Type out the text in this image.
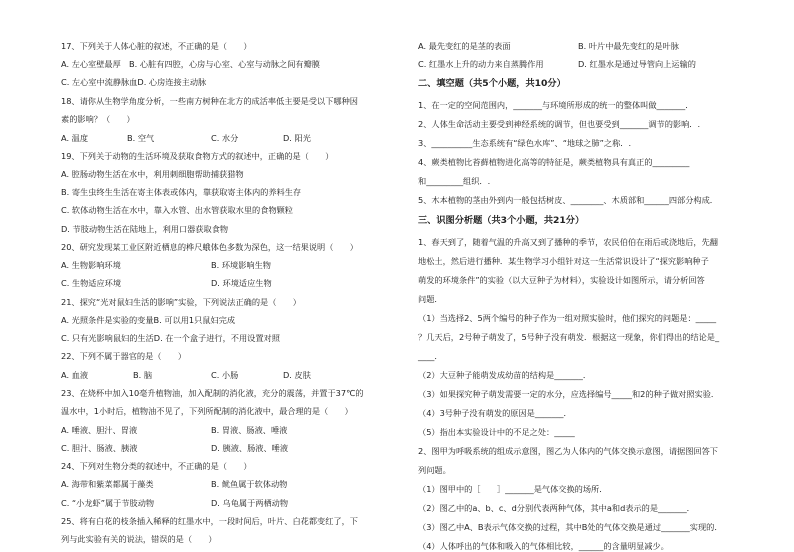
17、下列关于人体心脏的叙述，不正确的是（　　）
A. 左心室壁最厚　 B. 心脏有四腔，心房与心室、心室与动脉之间有瓣膜
C. 左心室中流静脉血D. 心房连接主动脉
18、请你从生物学角度分析，一些南方树种在北方的成活率低主要是受以下哪种因
素的影响？（　　）
A. 温度	B. 空气	C. 水分	D. 阳光
19、下列关于动物的生活环境及获取食物方式的叙述中，正确的是（　　）
A. 腔肠动物生活在水中，利用刺细胞帮助捕获猎物
B. 寄生虫终生生活在寄主体表或体内，靠获取寄主体内的养料生存
C. 软体动物生活在水中，靠入水管、出水管获取水里的食物颗粒
D. 节肢动物生活在陆地上，利用口器获取食物
20、研究发现某工业区附近栖息的桦尺蛾体色多数为深色，这一结果说明（　　）
A. 生物影响环境	B. 环境影响生物
C. 生物适应环境	D. 环境适应生物
21、探究“光对鼠妇生活的影响”实验，下列说法正确的是（　　）
A. 光照条件是实验的变量B. 可以用1只鼠妇完成
C. 只有光影响鼠妇的生活D. 在一个盒子进行，不用设置对照
22、下列不属于器官的是（　　）
A. 血液	B. 脑	C. 小肠	D. 皮肤
23、在烧杯中加入10毫升植物油，加入配制的消化液，充分的震荡，并置于37℃的
温水中，1小时后，植物油不见了，下列所配制的消化液中，最合理的是（　　）
A. 唾液、胆汁、胃液	B. 胃液、肠液、唾液
C. 胆汁、肠液、胰液	D. 胰液、肠液、唾液
24、下列对生物分类的叙述中，不正确的是（　　）
A. 海带和紫菜都属于藻类	B. 鱿鱼属于软体动物
C. “小龙虾”属于节肢动物	D. 乌龟属于两栖动物
25、将有白花的枝条插入稀释的红墨水中，一段时间后，叶片、白花都变红了，下
列与此实验有关的说法，错误的是（　　）
A. 最先变红的是茎的表面	B. 叶片中最先变红的是叶脉
C. 红墨水上升的动力来自蒸腾作用	D. 红墨水是通过导管向上运输的
二、填空题（共5个小题，共10分）
1、在一定的空间范围内，_______与环境所形成的统一的整体叫做_______．
2、人体生命活动主要受到神经系统的调节，但也要受到_______调节的影响．.
3、__________生态系统有“绿色水库”、“地球之肺”之称．.
4、蕨类植物比苔藓植物进化高等的特征是，蕨类植物具有真正的_________
和_________组织．.
5、木本植物的茎由外到内一般包括树皮、________、木质部和______四部分构成．
三、识图分析题（共3个小题，共21分）
1、春天到了，随着气温的升高又到了播种的季节，农民伯伯在雨后或浇地后，先翻
地松土，然后进行播种．某生物学习小组针对这一生活常识设计了“探究影响种子
萌发的环境条件”的实验（以大豆种子为材料），实验设计如图所示，请分析回答
问题．
（1）当选择2、5两个编号的种子作为一组对照实验时，他们探究的问题是：_____
？几天后，2号种子萌发了，5号种子没有萌发．根据这一现象，你们得出的结论是_
____．
（2）大豆种子能萌发成幼苗的结构是_______．
（3）如果探究种子萌发需要一定的水分，应选择编号_____和2的种子做对照实验．
（4）3号种子没有萌发的原因是_______．
（5）指出本实验设计中的不足之处：_____
2、图甲为呼吸系统的组成示意图，图乙为人体内的气体交换示意图，请据图回答下
列问题。
（1）图甲中的［　　］_______是气体交换的场所．
（2）图乙中的a、b、c、d分别代表两种气体，其中a和d表示的是_______．
（3）图乙中A、B表示气体交换的过程，其中B处的气体交换是通过_______实现的．
（4）人体呼出的气体和吸入的气体相比较，______的含量明显减少。
